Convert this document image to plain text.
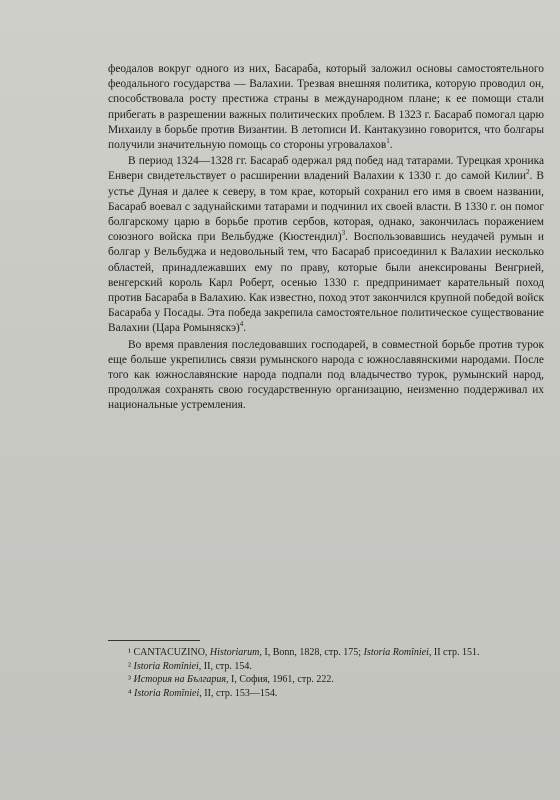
феодалов вокруг одного из них, Басараба, который заложил основы самостоятельного феодального государства — Валахии. Трезвая внешняя политика, которую проводил он, способствовала росту престижа страны в международном плане; к ее помощи стали прибегать в разрешении важных политических проблем. В 1323 г. Басараб помогал царю Михаилу в борьбе против Византии. В летописи И. Кантакузино говорится, что болгары получили значительную помощь со стороны угровалахов$^1$.

В период 1324—1328 гг. Басараб одержал ряд побед над татарами. Турецкая хроника Енвери свидетельствует о расширении владений Валахии к 1330 г. до самой Килии$^2$. В устье Дуная и далее к северу, в том крае, который сохранил его имя в своем названии, Басараб воевал с задунайскими татарами и подчинил их своей власти. В 1330 г. он помог болгарскому царю в борьбе против сербов, которая, однако, закончилась поражением союзного войска при Вельбудже (Кюстендил)$^3$. Воспользовавшись неудачей румын и болгар у Вельбуджа и недовольный тем, что Басараб присоединил к Валахии несколько областей, принадлежавших ему по праву, которые были анексированы Венгрией, венгерский король Карл Роберт, осенью 1330 г. предпринимает карательный поход против Басараба в Валахию. Как известно, поход этот закончился крупной победой войск Басараба у Посады. Эта победа закрепила самостоятельное политическое существование Валахии (Цара Ромыняскэ)$^4$.

Во время правления последовавших господарей, в совместной борьбе против турок еще больше укрепились связи румынского народа с южнославянскими народами. После того как южнославянские народа подпали под владычество турок, румынский народ, продолжая сохранять свою государственную организацию, неизменно поддерживал их национальные устремления.

¹ CANTACUZINO, Historiarum, I, Bonn, 1828, стр. 175; Istoria Romîniei, II стр. 151.

² Istoria Romîniei, II, стр. 154.

³ История на България, I, София, 1961, стр. 222.

⁴ Istoria Romîniei, II, стр. 153—154.
